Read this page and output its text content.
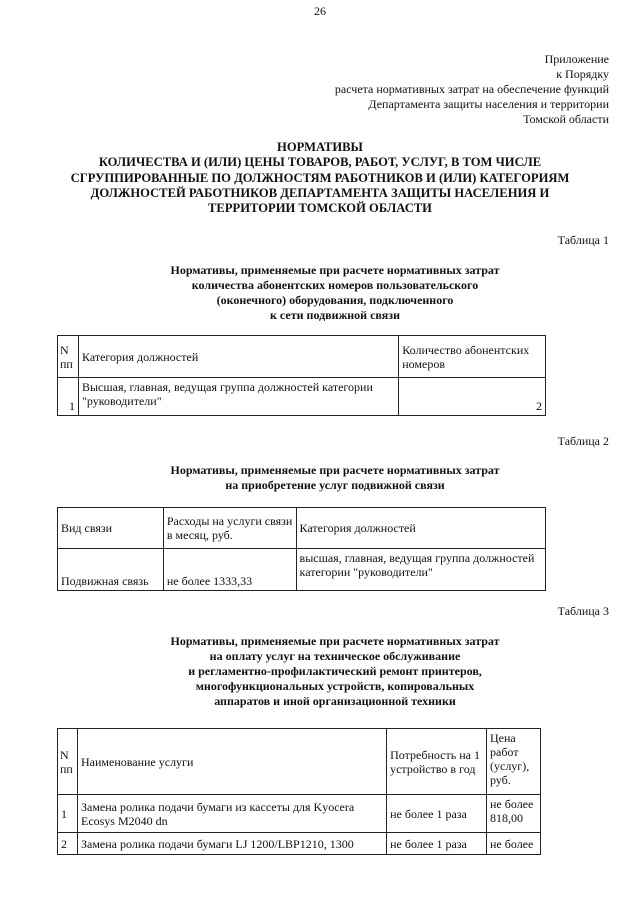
26
Приложение
к Порядку
расчета нормативных затрат на обеспечение функций
Департамента защиты населения и территории
Томской области
НОРМАТИВЫ
КОЛИЧЕСТВА И (ИЛИ) ЦЕНЫ ТОВАРОВ, РАБОТ, УСЛУГ, В ТОМ ЧИСЛЕ
СГРУППИРОВАННЫЕ ПО ДОЛЖНОСТЯМ РАБОТНИКОВ И (ИЛИ) КАТЕГОРИЯМ
ДОЛЖНОСТЕЙ РАБОТНИКОВ ДЕПАРТАМЕНТА ЗАЩИТЫ НАСЕЛЕНИЯ И
ТЕРРИТОРИИ ТОМСКОЙ ОБЛАСТИ
Таблица 1
Нормативы, применяемые при расчете нормативных затрат
количества абонентских номеров пользовательского
(оконечного) оборудования, подключенного
к сети подвижной связи
N пп	Категория должностей	Количество абонентских номеров
1	Высшая, главная, ведущая группа должностей категории "руководители"	2
Таблица 2
Нормативы, применяемые при расчете нормативных затрат
на приобретение услуг подвижной связи
Вид связи	Расходы на услуги связи в месяц, руб.	Категория должностей
Подвижная связь	не более 1333,33	высшая, главная, ведущая группа должностей категории "руководители"
Таблица 3
Нормативы, применяемые при расчете нормативных затрат
на оплату услуг на техническое обслуживание
и регламентно-профилактический ремонт принтеров,
многофункциональных устройств, копировальных
аппаратов и иной организационной техники
N пп	Наименование услуги	Потребность на 1 устройство в год	Цена работ (услуг), руб.
1	Замена ролика подачи бумаги из кассеты для Kyocera Ecosys M2040 dn	не более 1 раза	не более 818,00
2	Замена ролика подачи бумаги LJ 1200/LBP1210, 1300	не более 1 раза	не более
